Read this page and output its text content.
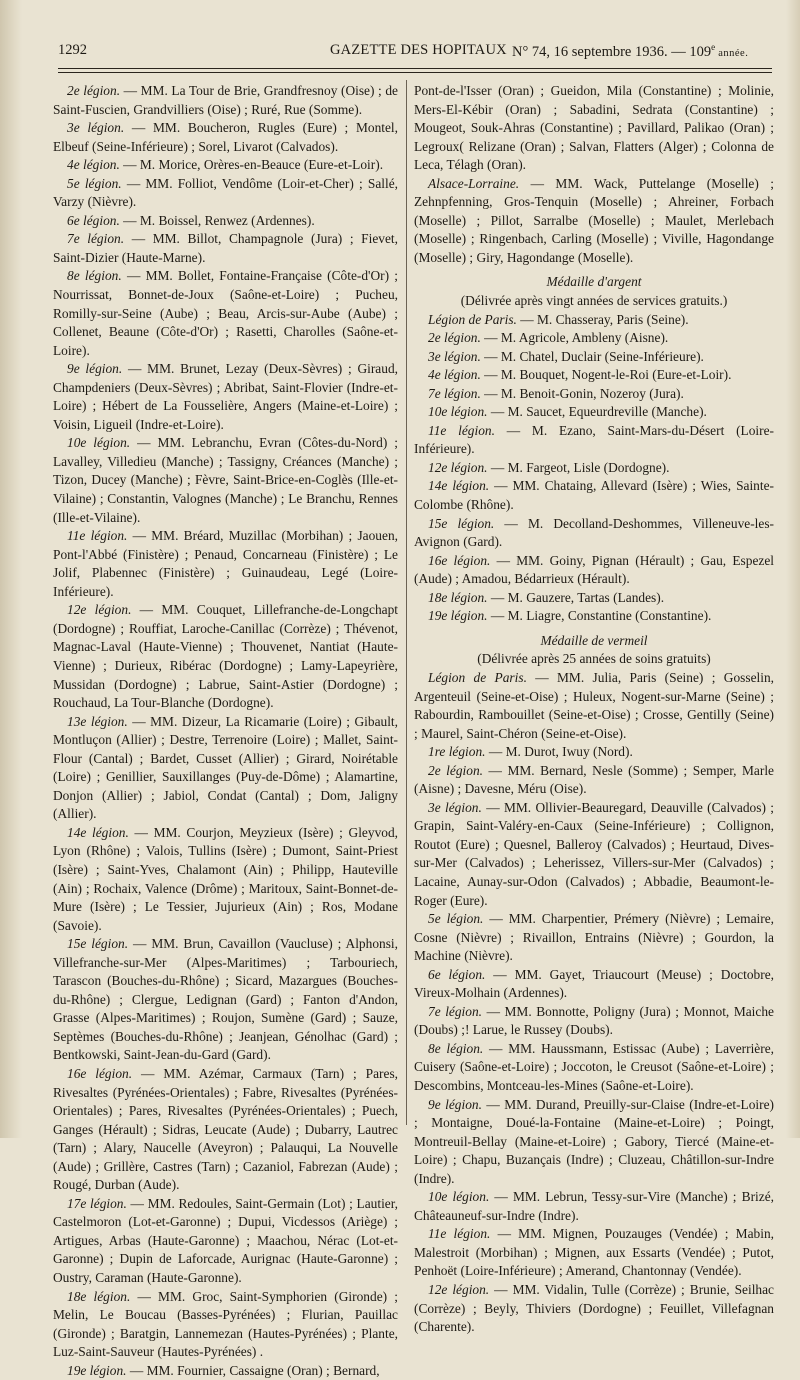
1292	GAZETTE DES HOPITAUX N° 74, 16 septembre 1936. — 109e année.

2e légion. — MM. La Tour de Brie, Grandfresnoy (Oise) ; de Saint-Fuscien, Grandvilliers (Oise) ; Ruré, Rue (Somme).

3e légion. — MM. Boucheron, Rugles (Eure) ; Montel, Elbeuf (Seine-Inférieure) ; Sorel, Livarot (Calvados).

4e légion. — M. Morice, Orères-en-Beauce (Eure-et-Loir).

5e légion. — MM. Folliot, Vendôme (Loir-et-Cher) ; Sallé, Varzy (Nièvre).

6e légion. — M. Boissel, Renwez (Ardennes).

7e légion. — MM. Billot, Champagnole (Jura) ; Fievet, Saint-Dizier (Haute-Marne).

8e légion. — MM. Bollet, Fontaine-Française (Côte-d'Or) ; Nourrissat, Bonnet-de-Joux (Saône-et-Loire) ; Pucheu, Romilly-sur-Seine (Aube) ; Beau, Arcis-sur-Aube (Aube) ; Collenet, Beaune (Côte-d'Or) ; Rasetti, Charolles (Saône-et-Loire).

9e légion. — MM. Brunet, Lezay (Deux-Sèvres) ; Giraud, Champdeniers (Deux-Sèvres) ; Abribat, Saint-Flovier (Indre-et-Loire) ; Hébert de La Fousselière, Angers (Maine-et-Loire) ; Voisin, Ligueil (Indre-et-Loire).

10e légion. — MM. Lebranchu, Evran (Côtes-du-Nord) ; Lavalley, Villedieu (Manche) ; Tassigny, Créances (Manche) ; Tizon, Ducey (Manche) ; Fèvre, Saint-Brice-en-Coglès (Ille-et-Vilaine) ; Constantin, Valognes (Manche) ; Le Branchu, Rennes (Ille-et-Vilaine).

11e légion. — MM. Bréard, Muzillac (Morbihan) ; Jaouen, Pont-l'Abbé (Finistère) ; Penaud, Concarneau (Finistère) ; Le Jolif, Plabennec (Finistère) ; Guinaudeau, Legé (Loire-Inférieure).

12e légion. — MM. Couquet, Lillefranche-de-Longchapt (Dordogne) ; Rouffiat, Laroche-Canillac (Corrèze) ; Thévenot, Magnac-Laval (Haute-Vienne) ; Thouvenet, Nantiat (Haute-Vienne) ; Durieux, Ribérac (Dordogne) ; Lamy-Lapeyrière, Mussidan (Dordogne) ; Labrue, Saint-Astier (Dordogne) ; Rouchaud, La Tour-Blanche (Dordogne).

13e légion. — MM. Dizeur, La Ricamarie (Loire) ; Gibault, Montluçon (Allier) ; Destre, Terrenoire (Loire) ; Mallet, Saint-Flour (Cantal) ; Bardet, Cusset (Allier) ; Girard, Noirétable (Loire) ; Genillier, Sauxillanges (Puy-de-Dôme) ; Alamartine, Donjon (Allier) ; Jabiol, Condat (Cantal) ; Dom, Jaligny (Allier).

14e légion. — MM. Courjon, Meyzieux (Isère) ; Gleyvod, Lyon (Rhône) ; Valois, Tullins (Isère) ; Dumont, Saint-Priest (Isère) ; Saint-Yves, Chalamont (Ain) ; Philipp, Hauteville (Ain) ; Rochaix, Valence (Drôme) ; Maritoux, Saint-Bonnet-de-Mure (Isère) ; Le Tessier, Jujurieux (Ain) ; Ros, Modane (Savoie).

15e légion. — MM. Brun, Cavaillon (Vaucluse) ; Alphonsi, Villefranche-sur-Mer (Alpes-Maritimes) ; Tarbouriech, Tarascon (Bouches-du-Rhône) ; Sicard, Mazargues (Bouches-du-Rhône) ; Clergue, Ledignan (Gard) ; Fanton d'Andon, Grasse (Alpes-Maritimes) ; Roujon, Sumène (Gard) ; Sauze, Septèmes (Bouches-du-Rhône) ; Jeanjean, Génolhac (Gard) ; Bentkowski, Saint-Jean-du-Gard (Gard).

16e légion. — MM. Azémar, Carmaux (Tarn) ; Pares, Rivesaltes (Pyrénées-Orientales) ; Fabre, Rivesaltes (Pyrénées-Orientales) ; Pares, Rivesaltes (Pyrénées-Orientales) ; Puech, Ganges (Hérault) ; Sidras, Leucate (Aude) ; Dubarry, Lautrec (Tarn) ; Alary, Naucelle (Aveyron) ; Palauqui, La Nouvelle (Aude) ; Grillère, Castres (Tarn) ; Cazaniol, Fabrezan (Aude) ; Rougé, Durban (Aude).

17e légion. — MM. Redoules, Saint-Germain (Lot) ; Lautier, Castelmoron (Lot-et-Garonne) ; Dupui, Vicdessos (Ariège) ; Artigues, Arbas (Haute-Garonne) ; Maachou, Nérac (Lot-et-Garonne) ; Dupin de Laforcade, Aurignac (Haute-Garonne) ; Oustry, Caraman (Haute-Garonne).

18e légion. — MM. Groc, Saint-Symphorien (Gironde) ; Melin, Le Boucau (Basses-Pyrénées) ; Flurian, Pauillac (Gironde) ; Baratgin, Lannemezan (Hautes-Pyrénées) ; Plante, Luz-Saint-Sauveur (Hautes-Pyrénées) .

19e légion. — MM. Fournier, Cassaigne (Oran) ; Bernard,

Pont-de-l'Isser (Oran) ; Gueidon, Mila (Constantine) ; Molinie, Mers-El-Kébir (Oran) ; Sabadini, Sedrata (Constantine) ; Mougeot, Souk-Ahras (Constantine) ; Pavillard, Palikao (Oran) ; Legroux( Relizane (Oran) ; Salvan, Flatters (Alger) ; Colonna de Leca, Télagh (Oran).

Alsace-Lorraine. — MM. Wack, Puttelange (Moselle) ; Zehnpfenning, Gros-Tenquin (Moselle) ; Ahreiner, Forbach (Moselle) ; Pillot, Sarralbe (Moselle) ; Maulet, Merlebach (Moselle) ; Ringenbach, Carling (Moselle) ; Viville, Hagondange (Moselle) ; Giry, Hagondange (Moselle).

Médaille d'argent

(Délivrée après vingt années de services gratuits.)

Légion de Paris. — M. Chasseray, Paris (Seine).

2e légion. — M. Agricole, Ambleny (Aisne).

3e légion. — M. Chatel, Duclair (Seine-Inférieure).

4e légion. — M. Bouquet, Nogent-le-Roi (Eure-et-Loir).

7e légion. — M. Benoit-Gonin, Nozeroy (Jura).

10e légion. — M. Saucet, Equeurdreville (Manche).

11e légion. — M. Ezano, Saint-Mars-du-Désert (Loire-Inférieure).

12e légion. — M. Fargeot, Lisle (Dordogne).

14e légion. — MM. Chataing, Allevard (Isère) ; Wies, Sainte-Colombe (Rhône).

15e légion. — M. Decolland-Deshommes, Villeneuve-les-Avignon (Gard).

16e légion. — MM. Goiny, Pignan (Hérault) ; Gau, Espezel (Aude) ; Amadou, Bédarrieux (Hérault).

18e légion. — M. Gauzere, Tartas (Landes).

19e légion. — M. Liagre, Constantine (Constantine).

Médaille de vermeil

(Délivrée après 25 années de soins gratuits)

Légion de Paris. — MM. Julia, Paris (Seine) ; Gosselin, Argenteuil (Seine-et-Oise) ; Huleux, Nogent-sur-Marne (Seine) ; Rabourdin, Rambouillet (Seine-et-Oise) ; Crosse, Gentilly (Seine) ; Maurel, Saint-Chéron (Seine-et-Oise).

1re légion. — M. Durot, Iwuy (Nord).

2e légion. — MM. Bernard, Nesle (Somme) ; Semper, Marle (Aisne) ; Davesne, Méru (Oise).

3e légion. — MM. Ollivier-Beauregard, Deauville (Calvados) ; Grapin, Saint-Valéry-en-Caux (Seine-Inférieure) ; Collignon, Routot (Eure) ; Quesnel, Balleroy (Calvados) ; Heurtaud, Dives-sur-Mer (Calvados) ; Leherissez, Villers-sur-Mer (Calvados) ; Lacaine, Aunay-sur-Odon (Calvados) ; Abbadie, Beaumont-le-Roger (Eure).

5e légion. — MM. Charpentier, Prémery (Nièvre) ; Lemaire, Cosne (Nièvre) ; Rivaillon, Entrains (Nièvre) ; Gourdon, la Machine (Nièvre).

6e légion. — MM. Gayet, Triaucourt (Meuse) ; Doctobre, Vireux-Molhain (Ardennes).

7e légion. — MM. Bonnotte, Poligny (Jura) ; Monnot, Maiche (Doubs) ;! Larue, le Russey (Doubs).

8e légion. — MM. Haussmann, Estissac (Aube) ; Laverrière, Cuisery (Saône-et-Loire) ; Joccoton, le Creusot (Saône-et-Loire) ; Descombins, Montceau-les-Mines (Saône-et-Loire).

9e légion. — MM. Durand, Preuilly-sur-Claise (Indre-et-Loire) ; Montaigne, Doué-la-Fontaine (Maine-et-Loire) ; Poingt, Montreuil-Bellay (Maine-et-Loire) ; Gabory, Tiercé (Maine-et-Loire) ; Chapu, Buzançais (Indre) ; Cluzeau, Châtillon-sur-Indre (Indre).

10e légion. — MM. Lebrun, Tessy-sur-Vire (Manche) ; Brizé, Châteauneuf-sur-Indre (Indre).

11e légion. — MM. Mignen, Pouzauges (Vendée) ; Mabin, Malestroit (Morbihan) ; Mignen, aux Essarts (Vendée) ; Putot, Penhoët (Loire-Inférieure) ; Amerand, Chantonnay (Vendée).

12e légion. — MM. Vidalin, Tulle (Corrèze) ; Brunie, Seilhac (Corrèze) ; Beyly, Thiviers (Dordogne) ; Feuillet, Villefagnan (Charente).
